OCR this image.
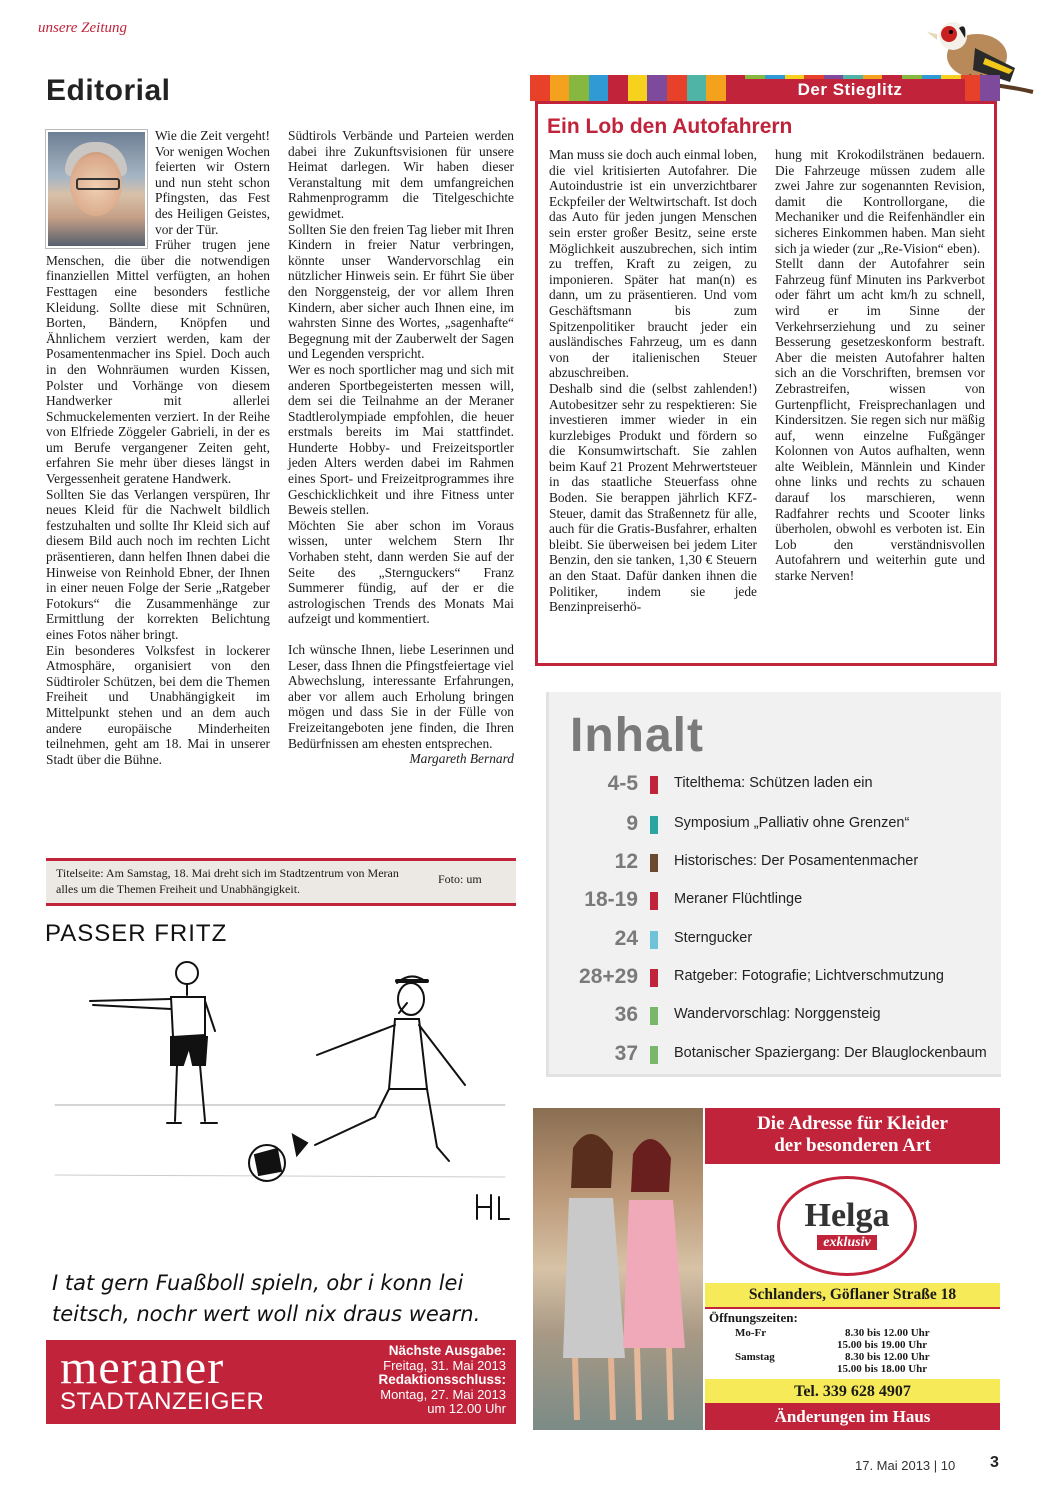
unsere Zeitung
Editorial

Wie die Zeit vergeht! Vor wenigen Wochen feierten wir Ostern und nun steht schon Pfingsten, das Fest des Heiligen Geistes, vor der Tür.

Früher trugen jene Menschen, die über die notwendigen finanziellen Mittel verfügten, an hohen Festtagen eine besonders festliche Kleidung. Sollte diese mit Schnüren, Borten, Bändern, Knöpfen und Ähnlichem verziert werden, kam der Posamentenmacher ins Spiel. Doch auch in den Wohnräumen wurden Kissen, Polster und Vorhänge von diesem Handwerker mit allerlei Schmuckelementen verziert. In der Reihe von Elfriede Zöggeler Gabrieli, in der es um Berufe vergangener Zeiten geht, erfahren Sie mehr über dieses längst in Vergessenheit geratene Handwerk.

Sollten Sie das Verlangen verspüren, Ihr neues Kleid für die Nachwelt bildlich festzuhalten und sollte Ihr Kleid sich auf diesem Bild auch noch im rechten Licht präsentieren, dann helfen Ihnen dabei die Hinweise von Reinhold Ebner, der Ihnen in einer neuen Folge der Serie „Ratgeber Fotokurs“ die Zusammenhänge zur Ermittlung der korrekten Belichtung eines Fotos näher bringt.

Ein besonderes Volksfest in lockerer Atmosphäre, organisiert von den Südtiroler Schützen, bei dem die Themen Freiheit und Unabhängigkeit im Mittelpunkt stehen und an dem auch andere europäische Minderheiten teilnehmen, geht am 18. Mai in unserer Stadt über die Bühne.

Südtirols Verbände und Parteien werden dabei ihre Zukunftsvisionen für unsere Heimat darlegen. Wir haben dieser Veranstaltung mit dem umfangreichen Rahmenprogramm die Titelgeschichte gewidmet.

Sollten Sie den freien Tag lieber mit Ihren Kindern in freier Natur verbringen, könnte unser Wandervorschlag ein nützlicher Hinweis sein. Er führt Sie über den Norggensteig, der vor allem Ihren Kindern, aber sicher auch Ihnen eine, im wahrsten Sinne des Wortes, „sagenhafte“ Begegnung mit der Zauberwelt der Sagen und Legenden verspricht.

Wer es noch sportlicher mag und sich mit anderen Sportbegeisterten messen will, dem sei die Teilnahme an der Meraner Stadtlerolympiade empfohlen, die heuer erstmals bereits im Mai stattfindet. Hunderte Hobby- und Freizeitsportler jeden Alters werden dabei im Rahmen eines Sport- und Freizeitprogrammes ihre Geschicklichkeit und ihre Fitness unter Beweis stellen.

Möchten Sie aber schon im Voraus wissen, unter welchem Stern Ihr Vorhaben steht, dann werden Sie auf der Seite des „Sternguckers“ Franz Summerer fündig, auf der er die astrologischen Trends des Monats Mai aufzeigt und kommentiert.

Ich wünsche Ihnen, liebe Leserinnen und Leser, dass Ihnen die Pfingstfeiertage viel Abwechslung, interessante Erfahrungen, aber vor allem auch Erholung bringen mögen und dass Sie in der Fülle von Freizeitangeboten jene finden, die Ihren Bedürfnissen am ehesten entsprechen.

Margareth Bernard

Titelseite: Am Samstag, 18. Mai dreht sich im Stadtzentrum von Meran alles um die Themen Freiheit und Unabhängigkeit.
Foto: um
Der Stieglitz
Ein Lob den Autofahrern

Man muss sie doch auch einmal loben, die viel kritisierten Autofahrer. Die Autoindustrie ist ein unverzichtbarer Eckpfeiler der Weltwirtschaft. Ist doch das Auto für jeden jungen Menschen sein erster großer Besitz, seine erste Möglichkeit auszubrechen, sich intim zu treffen, Kraft zu zeigen, zu imponieren. Später hat man(n) es dann, um zu präsentieren. Und vom Geschäftsmann bis zum Spitzenpolitiker braucht jeder ein ausländisches Fahrzeug, um es dann von der italienischen Steuer abzuschreiben.

Deshalb sind die (selbst zahlenden!) Autobesitzer sehr zu respektieren: Sie investieren immer wieder in ein kurzlebiges Produkt und fördern so die Konsumwirtschaft. Sie zahlen beim Kauf 21 Prozent Mehrwertsteuer in das staatliche Steuerfass ohne Boden. Sie berappen jährlich KFZ-Steuer, damit das Straßennetz für alle, auch für die Gratis-Busfahrer, erhalten bleibt. Sie überweisen bei jedem Liter Benzin, den sie tanken, 1,30 € Steuern an den Staat. Dafür danken ihnen die Politiker, indem sie jede Benzinpreiserhö-

hung mit Krokodilstränen bedauern. Die Fahrzeuge müssen zudem alle zwei Jahre zur sogenannten Revision, damit die Kontrollorgane, die Mechaniker und die Reifenhändler ein sicheres Einkommen haben. Man sieht sich ja wieder (zur „Re-Vision“ eben).

Stellt dann der Autofahrer sein Fahrzeug fünf Minuten ins Parkverbot oder fährt um acht km/h zu schnell, wird er im Sinne der Verkehrserziehung und zu seiner Besserung gesetzeskonform bestraft. Aber die meisten Autofahrer halten sich an die Vorschriften, bremsen vor Zebrastreifen, wissen von Gurtenpflicht, Freisprechanlagen und Kindersitzen. Sie regen sich nur mäßig auf, wenn einzelne Fußgänger Kolonnen von Autos aufhalten, wenn alte Weiblein, Männlein und Kinder ohne links und rechts zu schauen darauf los marschieren, wenn Radfahrer rechts und Scooter links überholen, obwohl es verboten ist. Ein Lob den verständnisvollen Autofahrern und weiterhin gute und starke Nerven!

Inhalt
4-5 Titelthema: Schützen laden ein
9 Symposium „Palliativ ohne Grenzen“
12 Historisches: Der Posamentenmacher
18-19 Meraner Flüchtlinge
24 Sterngucker
28+29 Ratgeber: Fotografie; Lichtverschmutzung
36 Wandervorschlag: Norggensteig
37 Botanischer Spaziergang: Der Blauglockenbaum
PASSER FRITZ
I tat gern Fuaßboll spieln, obr i konn lei
teitsch, nochr wert woll nix draus wearn.
meraner
STADTANZEIGER
Nächste Ausgabe:
Freitag, 31. Mai 2013
Redaktionsschluss:
Montag, 27. Mai 2013
um 12.00 Uhr
Die Adresse für Kleider
der besonderen Art
Helga
exklusiv
Schlanders, Göflaner Straße 18
Öffnungszeiten:
Mo-Fr	8.30 bis 12.00 Uhr
15.00 bis 19.00 Uhr
Samstag	8.30 bis 12.00 Uhr
15.00 bis 18.00 Uhr
Tel. 339 628 4907
Änderungen im Haus
17. Mai 2013 | 10 3
